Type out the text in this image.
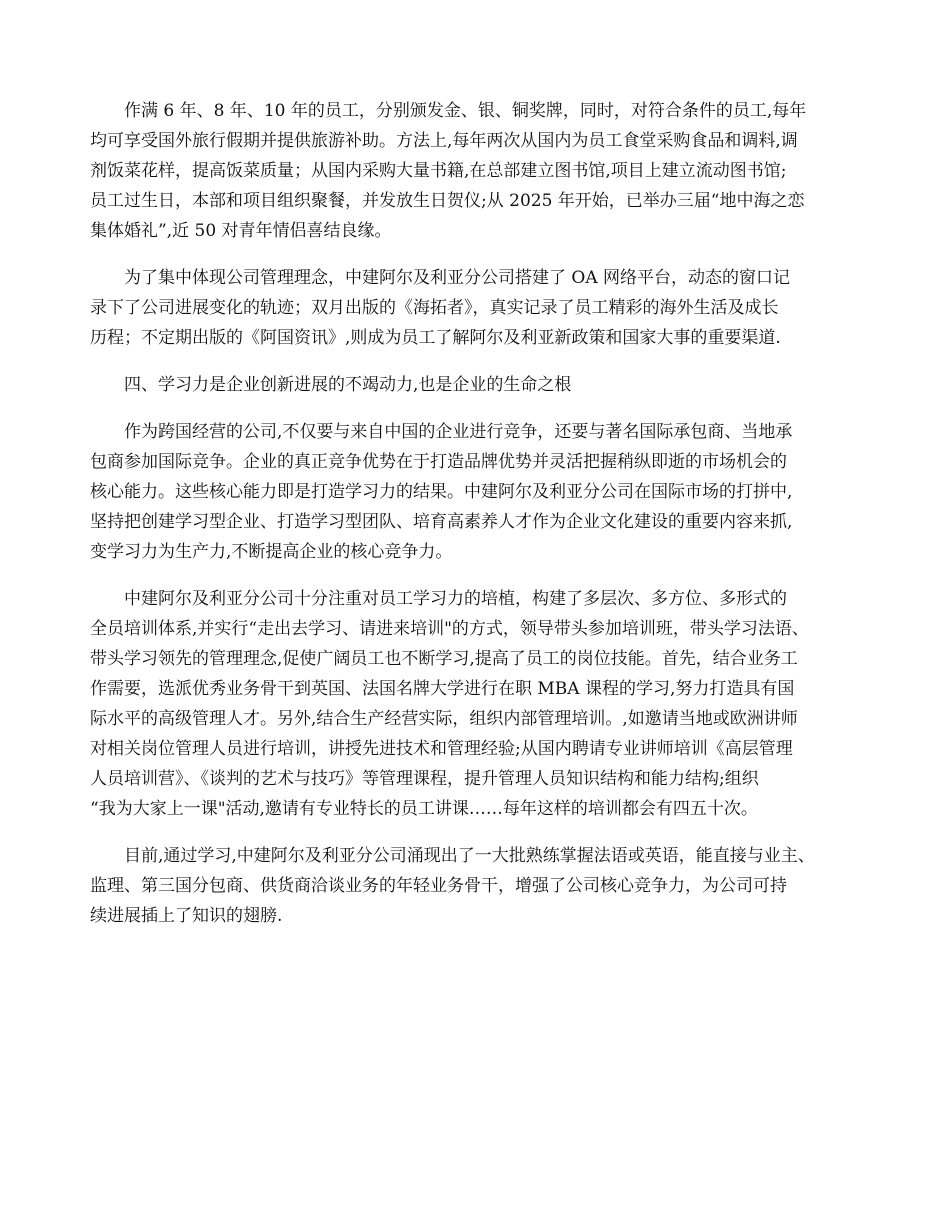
作满 6 年、8 年、10 年的员工，分别颁发金、银、铜奖牌，同时，对符合条件的员工,每年
均可享受国外旅行假期并提供旅游补助。方法上,每年两次从国内为员工食堂采购食品和调料,调
剂饭菜花样，提高饭菜质量；从国内采购大量书籍,在总部建立图书馆,项目上建立流动图书馆;
员工过生日，本部和项目组织聚餐，并发放生日贺仪;从 2025 年开始，已举办三届“地中海之恋
集体婚礼”,近 50 对青年情侣喜结良缘。
为了集中体现公司管理理念，中建阿尔及利亚分公司搭建了 OA 网络平台，动态的窗口记
录下了公司进展变化的轨迹；双月出版的《海拓者》，真实记录了员工精彩的海外生活及成长
历程；不定期出版的《阿国资讯》,则成为员工了解阿尔及利亚新政策和国家大事的重要渠道.
四、学习力是企业创新进展的不竭动力,也是企业的生命之根
作为跨国经营的公司,不仅要与来自中国的企业进行竞争，还要与著名国际承包商、当地承
包商参加国际竞争。企业的真正竞争优势在于打造品牌优势并灵活把握稍纵即逝的市场机会的
核心能力。这些核心能力即是打造学习力的结果。中建阿尔及利亚分公司在国际市场的打拼中,
坚持把创建学习型企业、打造学习型团队、培育高素养人才作为企业文化建设的重要内容来抓,
变学习力为生产力,不断提高企业的核心竞争力。
中建阿尔及利亚分公司十分注重对员工学习力的培植，构建了多层次、多方位、多形式的
全员培训体系,并实行“走出去学习、请进来培训"的方式，领导带头参加培训班，带头学习法语、
带头学习领先的管理理念,促使广阔员工也不断学习,提高了员工的岗位技能。首先，结合业务工
作需要，选派优秀业务骨干到英国、法国名牌大学进行在职 MBA 课程的学习,努力打造具有国
际水平的高级管理人才。另外,结合生产经营实际，组织内部管理培训。,如邀请当地或欧洲讲师
对相关岗位管理人员进行培训，讲授先进技术和管理经验;从国内聘请专业讲师培训《高层管理
人员培训营》、《谈判的艺术与技巧》等管理课程，提升管理人员知识结构和能力结构;组织
“我为大家上一课"活动,邀请有专业特长的员工讲课……每年这样的培训都会有四五十次。
目前,通过学习,中建阿尔及利亚分公司涌现出了一大批熟练掌握法语或英语，能直接与业主、
监理、第三国分包商、供货商洽谈业务的年轻业务骨干，增强了公司核心竞争力，为公司可持
续进展插上了知识的翅膀.
